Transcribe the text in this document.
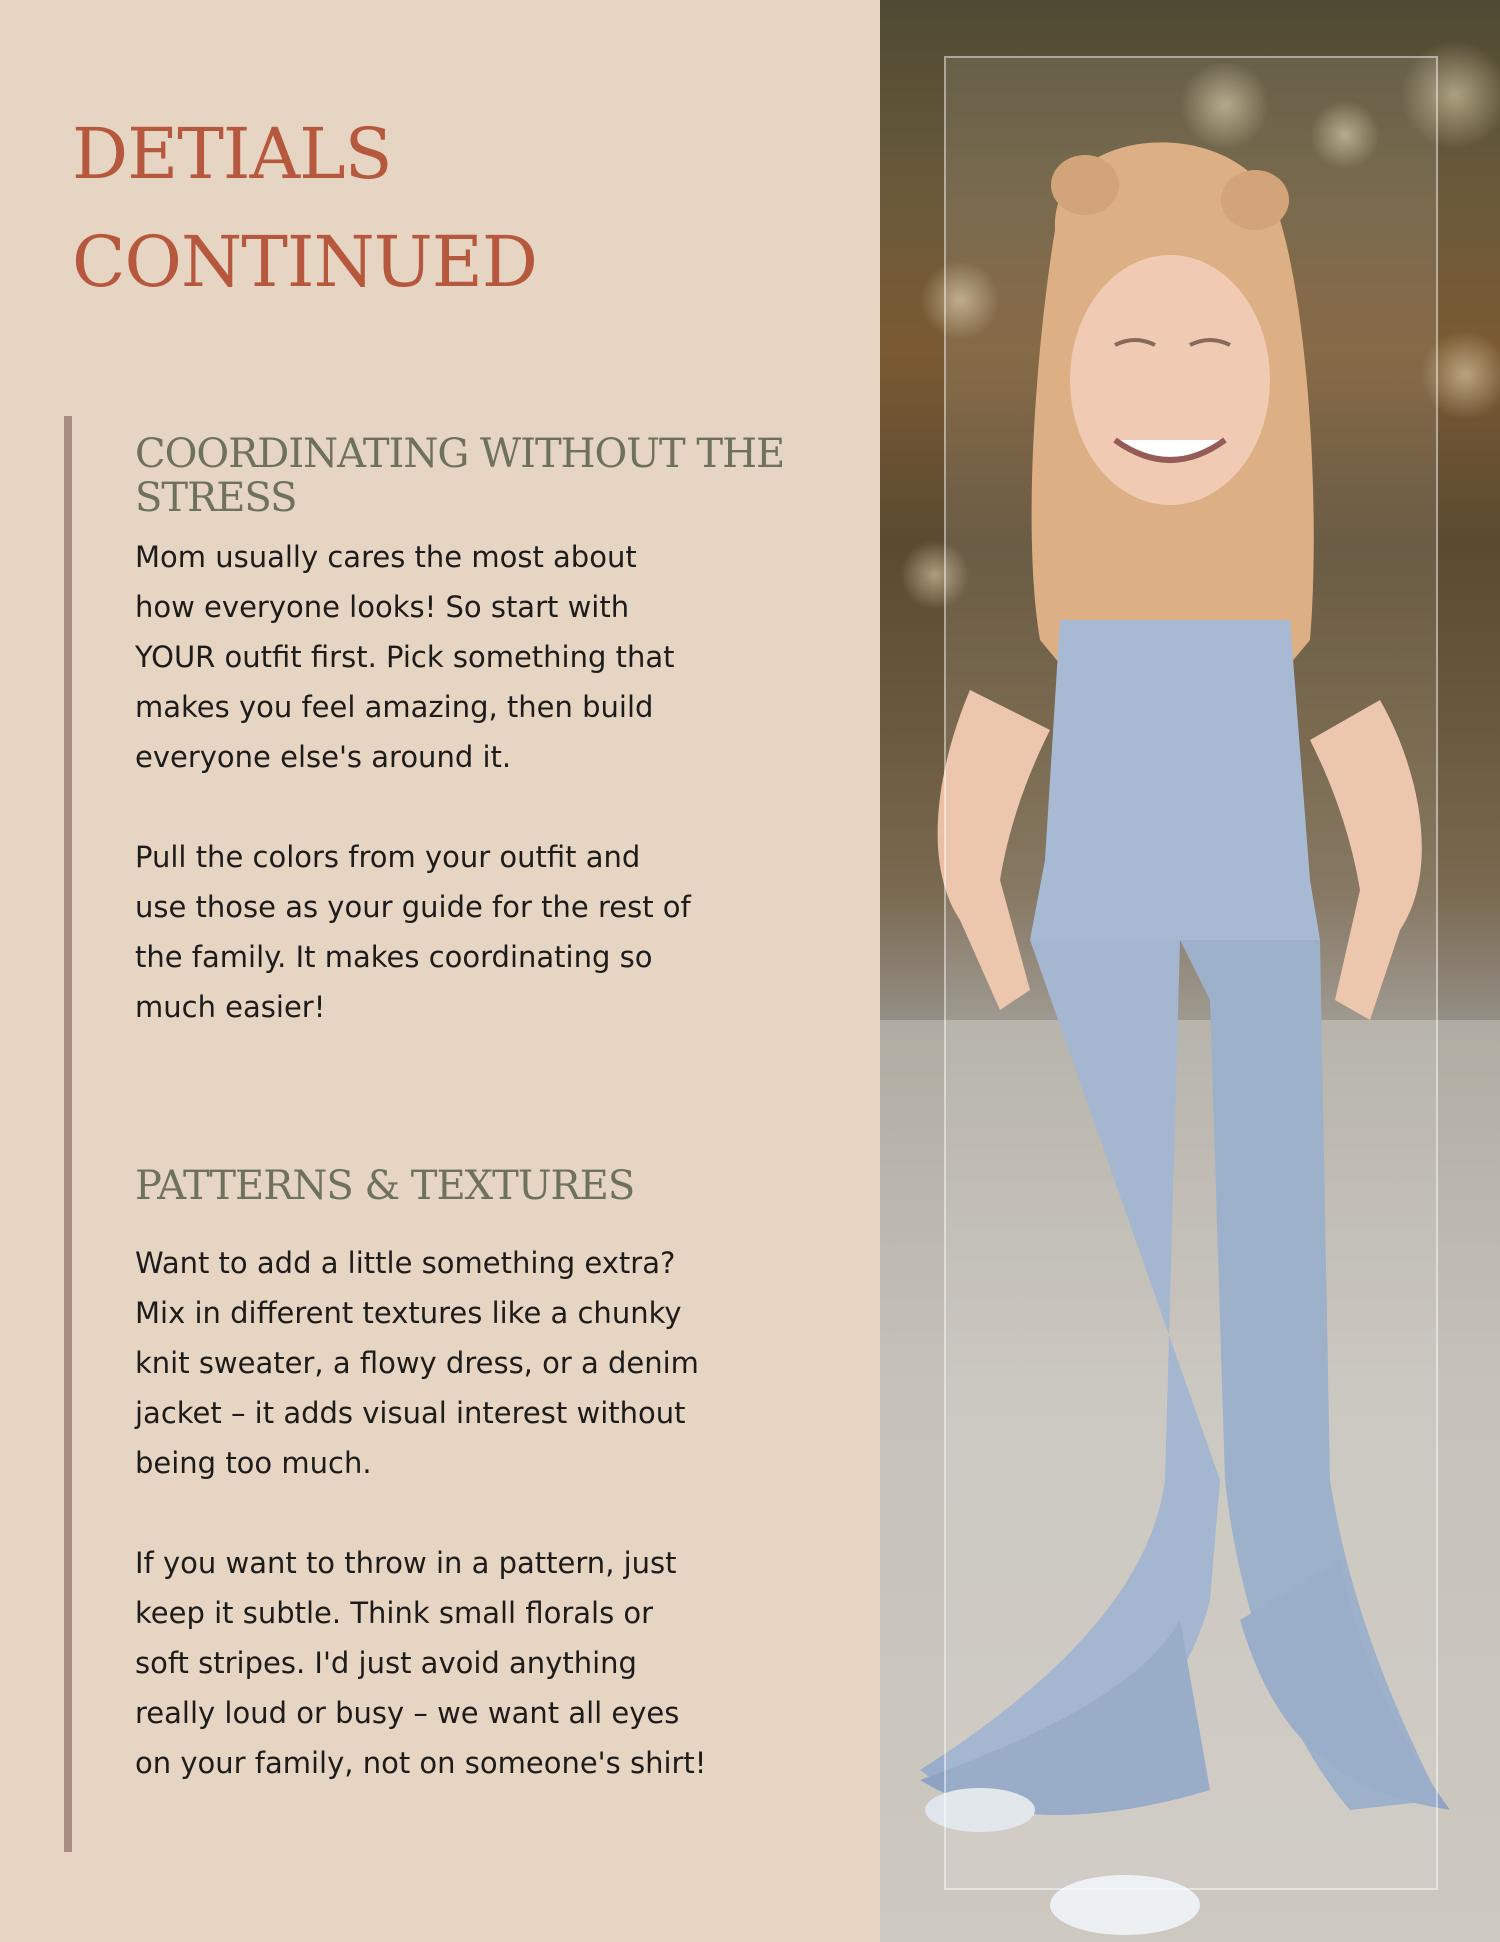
DETIALS
CONTINUED
COORDINATING WITHOUT THE STRESS

Mom usually cares the most about
how everyone looks! So start with
YOUR outfit first. Pick something that
makes you feel amazing, then build
everyone else's around it.

Pull the colors from your outfit and
use those as your guide for the rest of
the family. It makes coordinating so
much easier!

PATTERNS & TEXTURES

Want to add a little something extra?
Mix in different textures like a chunky
knit sweater, a flowy dress, or a denim
jacket – it adds visual interest without
being too much.

If you want to throw in a pattern, just
keep it subtle. Think small florals or
soft stripes. I'd just avoid anything
really loud or busy – we want all eyes
on your family, not on someone's shirt!
